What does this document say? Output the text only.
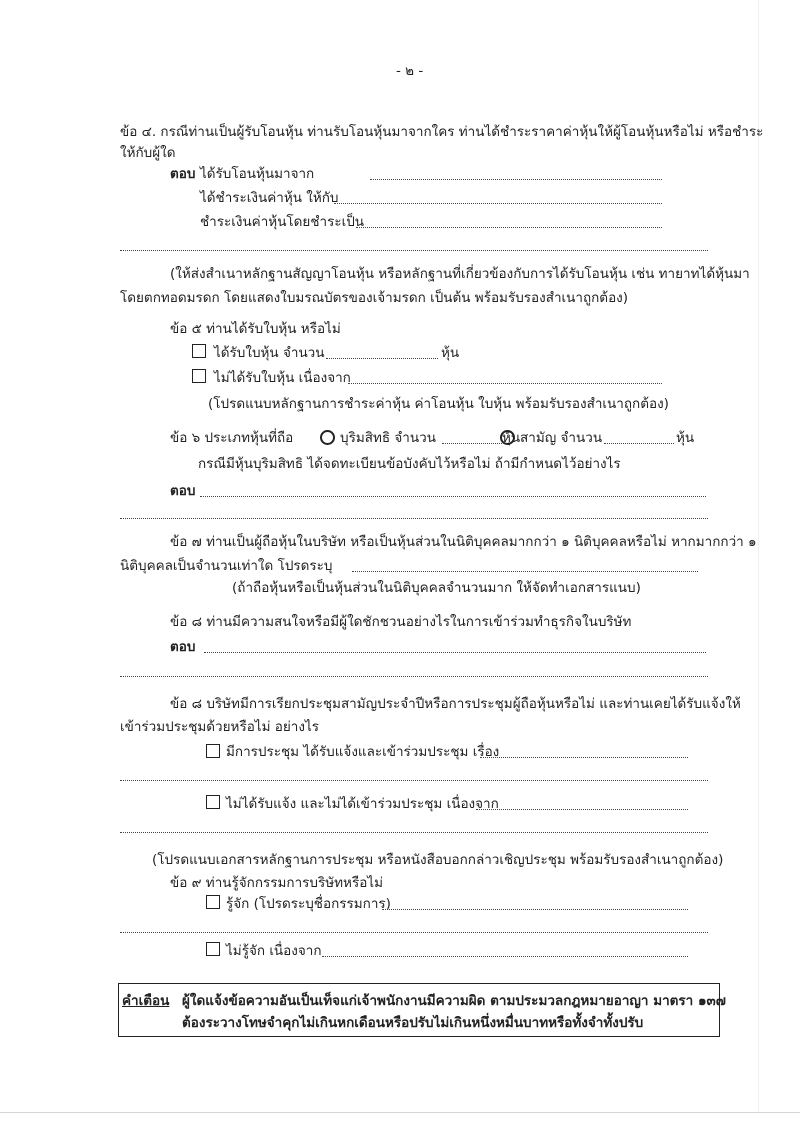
- ๒ -
ข้อ ๔. กรณีท่านเป็นผู้รับโอนหุ้น ท่านรับโอนหุ้นมาจากใคร ท่านได้ชำระราคาค่าหุ้นให้ผู้โอนหุ้นหรือไม่ หรือชำระ
ให้กับผู้ใด
ตอบ ได้รับโอนหุ้นมาจาก
ได้ชำระเงินค่าหุ้น ให้กับ
ชำระเงินค่าหุ้นโดยชำระเป็น
(ให้ส่งสำเนาหลักฐานสัญญาโอนหุ้น หรือหลักฐานที่เกี่ยวข้องกับการได้รับโอนหุ้น เช่น ทายาทได้หุ้นมา
โดยตกทอดมรดก โดยแสดงใบมรณบัตรของเจ้ามรดก เป็นต้น พร้อมรับรองสำเนาถูกต้อง)
ข้อ ๕ ท่านได้รับใบหุ้น หรือไม่
ได้รับใบหุ้น จำนวน	หุ้น
ไม่ได้รับใบหุ้น เนื่องจาก
(โปรดแนบหลักฐานการชำระค่าหุ้น ค่าโอนหุ้น ใบหุ้น พร้อมรับรองสำเนาถูกต้อง)
ข้อ ๖ ประเภทหุ้นที่ถือ	บุริมสิทธิ จำนวน	หุ้น สามัญ จำนวน	หุ้น
กรณีมีหุ้นบุริมสิทธิ ได้จดทะเบียนข้อบังคับไว้หรือไม่ ถ้ามีกำหนดไว้อย่างไร
ตอบ
ข้อ ๗ ท่านเป็นผู้ถือหุ้นในบริษัท หรือเป็นหุ้นส่วนในนิติบุคคลมากกว่า ๑ นิติบุคคลหรือไม่ หากมากกว่า ๑
นิติบุคคลเป็นจำนวนเท่าใด โปรดระบุ
(ถ้าถือหุ้นหรือเป็นหุ้นส่วนในนิติบุคคลจำนวนมาก ให้จัดทำเอกสารแนบ)
ข้อ ๘ ท่านมีความสนใจหรือมีผู้ใดชักชวนอย่างไรในการเข้าร่วมทำธุรกิจในบริษัท
ตอบ
ข้อ ๘ บริษัทมีการเรียกประชุมสามัญประจำปีหรือการประชุมผู้ถือหุ้นหรือไม่ และท่านเคยได้รับแจ้งให้
เข้าร่วมประชุมด้วยหรือไม่ อย่างไร
มีการประชุม ได้รับแจ้งและเข้าร่วมประชุม เรื่อง
ไม่ได้รับแจ้ง และไม่ได้เข้าร่วมประชุม เนื่องจาก
(โปรดแนบเอกสารหลักฐานการประชุม หรือหนังสือบอกกล่าวเชิญประชุม พร้อมรับรองสำเนาถูกต้อง)
ข้อ ๙ ท่านรู้จักกรรมการบริษัทหรือไม่
รู้จัก (โปรดระบุชื่อกรรมการ)
ไม่รู้จัก เนื่องจาก
คำเตือน ผู้ใดแจ้งข้อความอันเป็นเท็จแก่เจ้าพนักงานมีความผิด ตามประมวลกฎหมายอาญา มาตรา ๑๓๗
ต้องระวางโทษจำคุกไม่เกินหกเดือนหรือปรับไม่เกินหนึ่งหมื่นบาทหรือทั้งจำทั้งปรับ
